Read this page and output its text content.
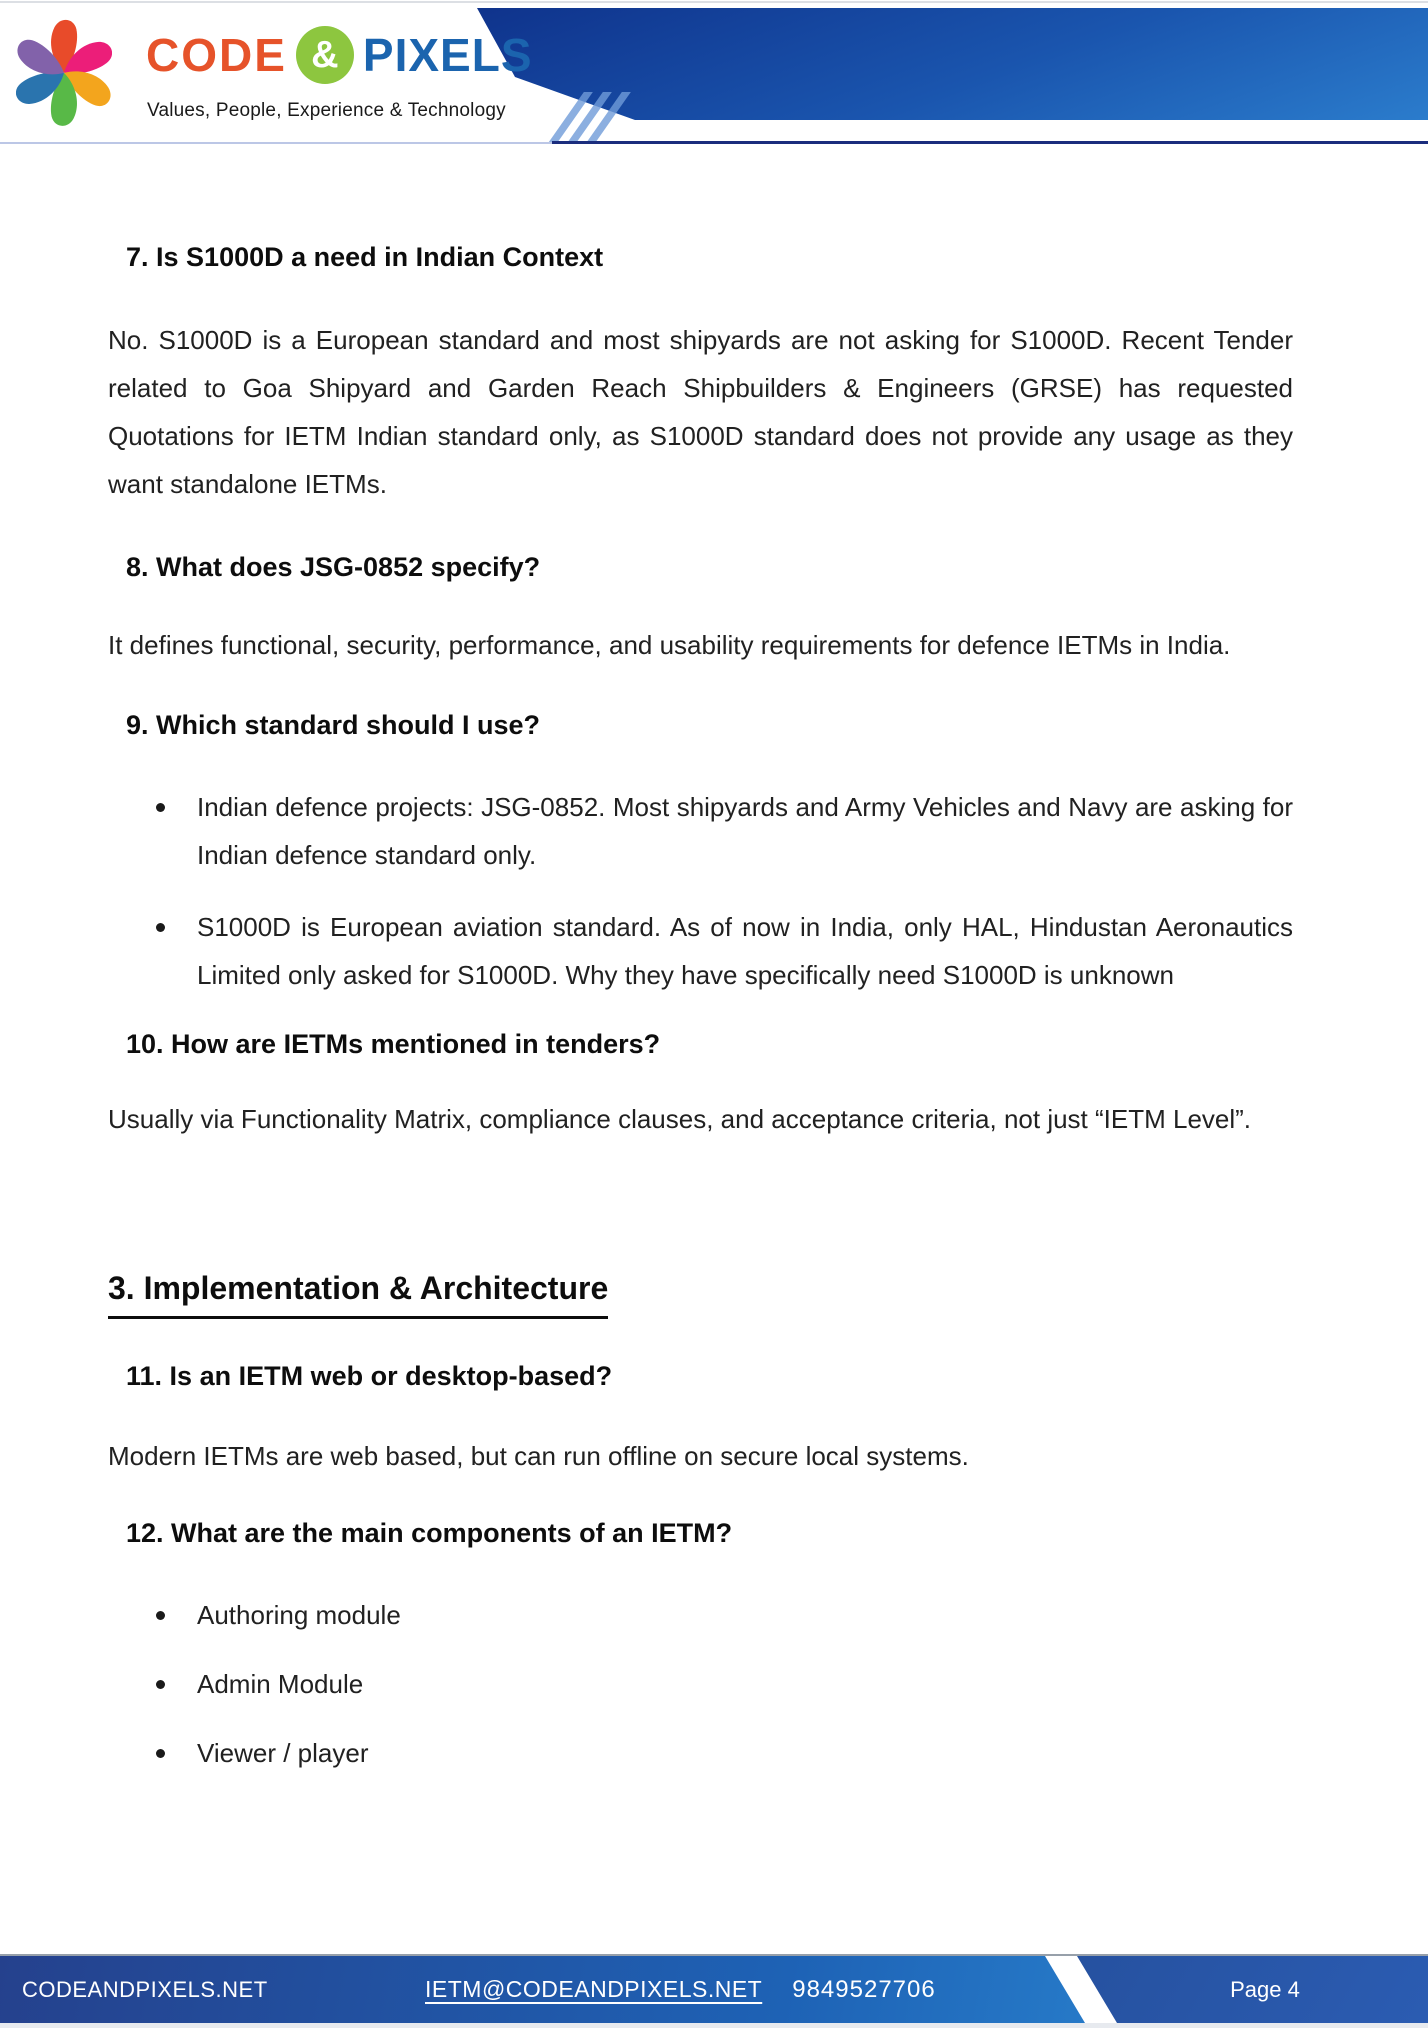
CODE & PIXELS
Values, People, Experience & Technology
7. Is S1000D a need in Indian Context

No. S1000D is a European standard and most shipyards are not asking for S1000D. Recent Tender related to Goa Shipyard and Garden Reach Shipbuilders & Engineers (GRSE) has requested Quotations for IETM Indian standard only, as S1000D standard does not provide any usage as they want standalone IETMs.

8. What does JSG-0852 specify?

It defines functional, security, performance, and usability requirements for defence IETMs in India.

9. Which standard should I use?
Indian defence projects: JSG-0852. Most shipyards and Army Vehicles and Navy are asking for Indian defence standard only.
S1000D is European aviation standard. As of now in India, only HAL, Hindustan Aeronautics Limited only asked for S1000D. Why they have specifically need S1000D is unknown
10. How are IETMs mentioned in tenders?

Usually via Functionality Matrix, compliance clauses, and acceptance criteria, not just “IETM Level”.

3. Implementation & Architecture
11. Is an IETM web or desktop-based?

Modern IETMs are web based, but can run offline on secure local systems.

12. What are the main components of an IETM?
Authoring module
Admin Module
Viewer / player
CODEANDPIXELS.NET	IETM@CODEANDPIXELS.NET 9849527706	Page 4
